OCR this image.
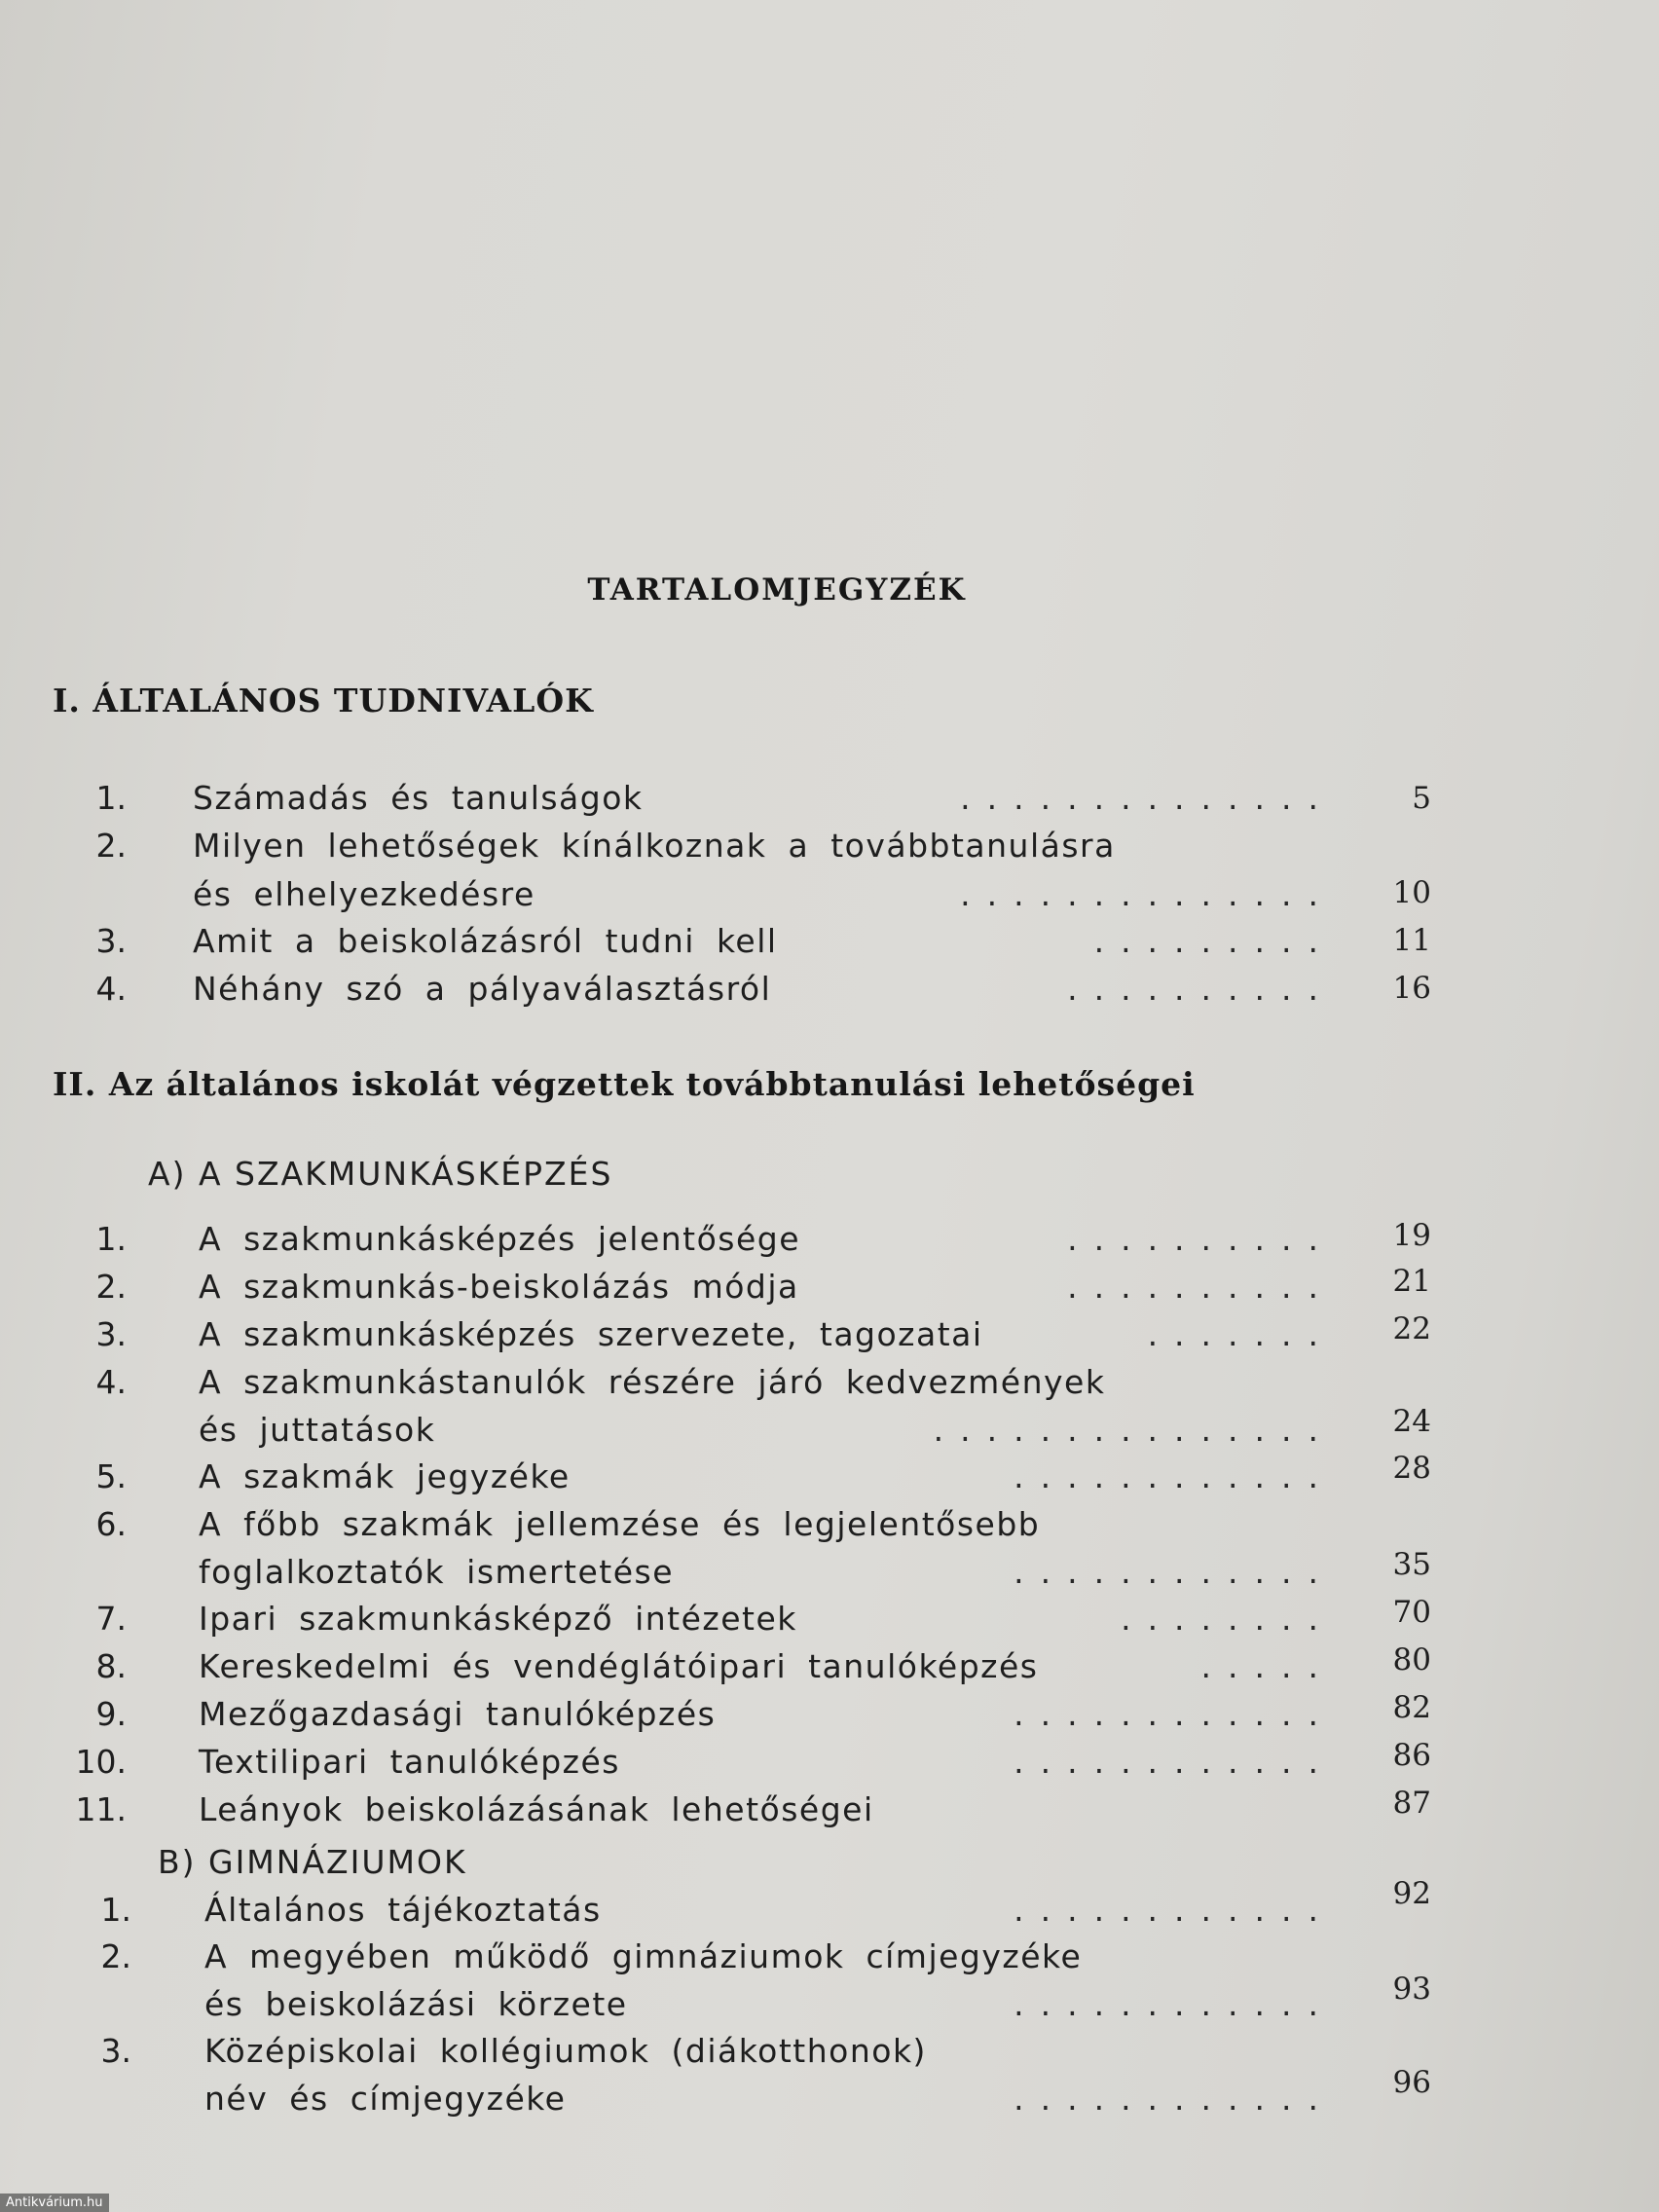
TARTALOMJEGYZÉK
I. ÁLTALÁNOS TUDNIVALÓK
1. Számadás és tanulságok	..............	5
2. Milyen lehetőségek kínálkoznak a továbbtanulásra
és elhelyezkedésre	..............	10
3. Amit a beiskolázásról tudni kell	.........	11
4. Néhány szó a pályaválasztásról	..........	16
II. Az általános iskolát végzettek továbbtanulási lehetőségei
A) A SZAKMUNKÁSKÉPZÉS
1. A szakmunkásképzés jelentősége	..........	19
2. A szakmunkás-beiskolázás módja	..........	21
3. A szakmunkásképzés szervezete, tagozatai	.......	22
4. A szakmunkástanulók részére járó kedvezmények
és juttatások	...............	24
5. A szakmák jegyzéke	............	28
6. A főbb szakmák jellemzése és legjelentősebb
foglalkoztatók ismertetése	............	35
7. Ipari szakmunkásképző intézetek	........	70
8. Kereskedelmi és vendéglátóipari tanulóképzés	.....	80
9. Mezőgazdasági tanulóképzés	............	82
10. Textilipari tanulóképzés	............	86
11. Leányok beiskolázásának lehetőségei	87
B) GIMNÁZIUMOK
1. Általános tájékoztatás	............	92
2. A megyében működő gimnáziumok címjegyzéke
és beiskolázási körzete	............	93
3. Középiskolai kollégiumok (diákotthonok)
név és címjegyzéke	............	96
Antikvárium.hu
